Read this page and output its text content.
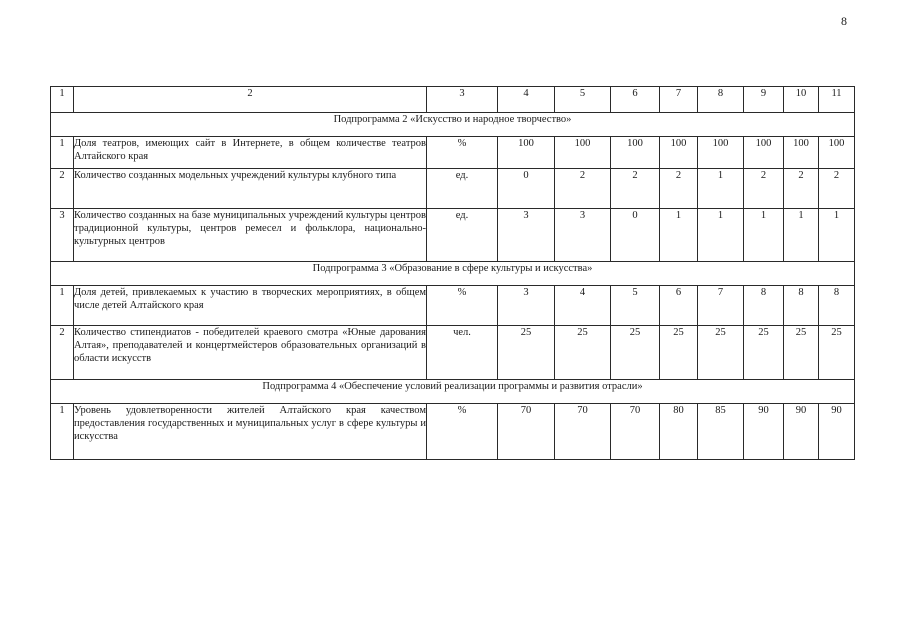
8
1	2	3	4	5	6	7	8	9	10	11
Подпрограмма 2 «Искусство и народное творчество»										
1	Доля театров, имеющих сайт в Интернете, в общем количестве театров Алтайского края	%	100	100	100	100	100	100	100	100
2	Количество созданных модельных учреждений культуры клубного типа	ед.	0	2	2	2	1	2	2	2
3	Количество созданных на базе муниципальных учреждений культуры центров традиционной культуры, центров ремесел и фольклора, национально-культурных центров	ед.	3	3	0	1	1	1	1	1
Подпрограмма 3 «Образование в сфере культуры и искусства»										
1	Доля детей, привлекаемых к участию в творческих мероприятиях, в общем числе детей Алтайского края	%	3	4	5	6	7	8	8	8
2	Количество стипендиатов - победителей краевого смотра «Юные дарования Алтая», преподавателей и концертмейстеров образовательных организаций в области искусств	чел.	25	25	25	25	25	25	25	25
Подпрограмма 4 «Обеспечение условий реализации программы и развития отрасли»										
1	Уровень удовлетворенности жителей Алтайского края качеством предоставления государственных и муниципальных услуг в сфере культуры и искусства	%	70	70	70	80	85	90	90	90
